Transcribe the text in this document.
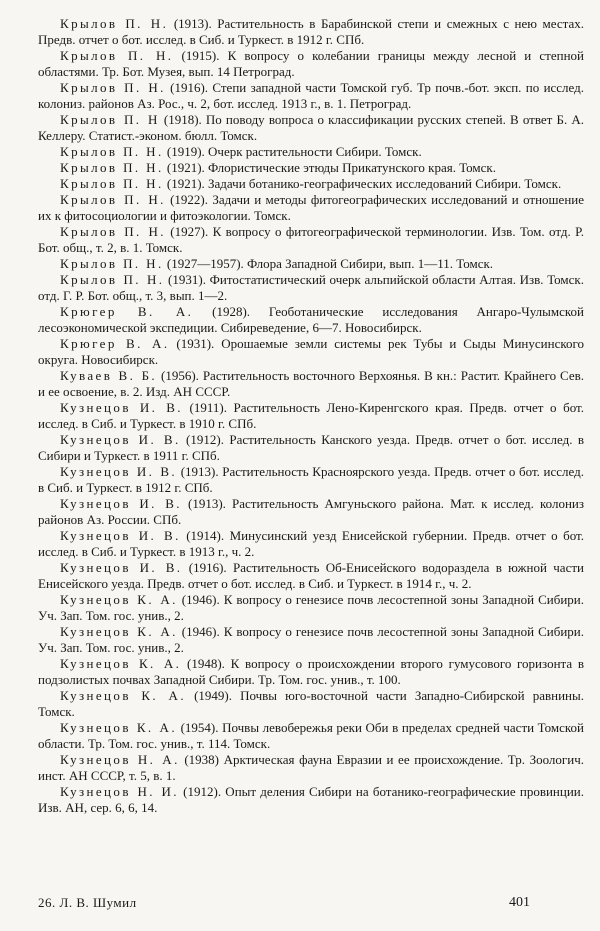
Крылов П. Н. (1913). Растительность в Барабинской степи и смежных с нею местах. Предв. отчет о бот. исслед. в Сиб. и Туркест. в 1912 г. СПб.
Крылов П. Н. (1915). К вопросу о колебании границы между лесной и степной областями. Тр. Бот. Музея, вып. 14 Петроград.
Крылов П. Н. (1916). Степи западной части Томской губ. Тр почв.-бот. эксп. по исслед. колониз. районов Аз. Рос., ч. 2, бот. исслед. 1913 г., в. 1. Петроград.
Крылов П. Н (1918). По поводу вопроса о классификации русских степей. В ответ Б. А. Келлеру. Статист.-эконом. бюлл. Томск.
Крылов П. Н. (1919). Очерк растительности Сибири. Томск.
Крылов П. Н. (1921). Флористические этюды Прикатунского края. Томск.
Крылов П. Н. (1921). Задачи ботанико-географических исследований Сибири. Томск.
Крылов П. Н. (1922). Задачи и методы фитогеографических исследований и отношение их к фитосоциологии и фитоэкологии. Томск.
Крылов П. Н. (1927). К вопросу о фитогеографической терминологии. Изв. Том. отд. Р. Бот. общ., т. 2, в. 1. Томск.
Крылов П. Н. (1927—1957). Флора Западной Сибири, вып. 1—11. Томск.
Крылов П. Н. (1931). Фитостатистический очерк альпийской области Алтая. Изв. Томск. отд. Г. Р. Бот. общ., т. 3, вып. 1—2.
Крюгер В. А. (1928). Геоботанические исследования Ангаро-Чулымской лесоэкономической экспедиции. Сибиреведение, 6—7. Новосибирск.
Крюгер В. А. (1931). Орошаемые земли системы рек Тубы и Сыды Минусинского округа. Новосибирск.
Куваев В. Б. (1956). Растительность восточного Верхоянья. В кн.: Растит. Крайнего Сев. и ее освоение, в. 2. Изд. АН СССР.
Кузнецов И. В. (1911). Растительность Лено-Киренгского края. Предв. отчет о бот. исслед. в Сиб. и Туркест. в 1910 г. СПб.
Кузнецов И. В. (1912). Растительность Канского уезда. Предв. отчет о бот. исслед. в Сибири и Туркест. в 1911 г. СПб.
Кузнецов И. В. (1913). Растительность Красноярского уезда. Предв. отчет о бот. исслед. в Сиб. и Туркест. в 1912 г. СПб.
Кузнецов И. В. (1913). Растительность Амгуньского района. Мат. к исслед. колониз районов Аз. России. СПб.
Кузнецов И. В. (1914). Минусинский уезд Енисейской губернии. Предв. отчет о бот. исслед. в Сиб. и Туркест. в 1913 г., ч. 2.
Кузнецов И. В. (1916). Растительность Об-Енисейского водораздела в южной части Енисейского уезда. Предв. отчет о бот. исслед. в Сиб. и Туркест. в 1914 г., ч. 2.
Кузнецов К. А. (1946). К вопросу о генезисе почв лесостепной зоны Западной Сибири. Уч. Зап. Том. гос. унив., 2.
Кузнецов К. А. (1946). К вопросу о генезисе почв лесостепной зоны Западной Сибири. Уч. Зап. Том. гос. унив., 2.
Кузнецов К. А. (1948). К вопросу о происхождении второго гумусового горизонта в подзолистых почвах Западной Сибири. Тр. Том. гос. унив., т. 100.
Кузнецов К. А. (1949). Почвы юго-восточной части Западно-Сибирской равнины. Томск.
Кузнецов К. А. (1954). Почвы левобережья реки Оби в пределах средней части Томской области. Тр. Том. гос. унив., т. 114. Томск.
Кузнецов Н. А. (1938) Арктическая фауна Евразии и ее происхождение. Тр. Зоологич. инст. АН СССР, т. 5, в. 1.
Кузнецов Н. И. (1912). Опыт деления Сибири на ботанико-географические провинции. Изв. АН, сер. 6, 6, 14.
26. Л. В. Шумил	401
